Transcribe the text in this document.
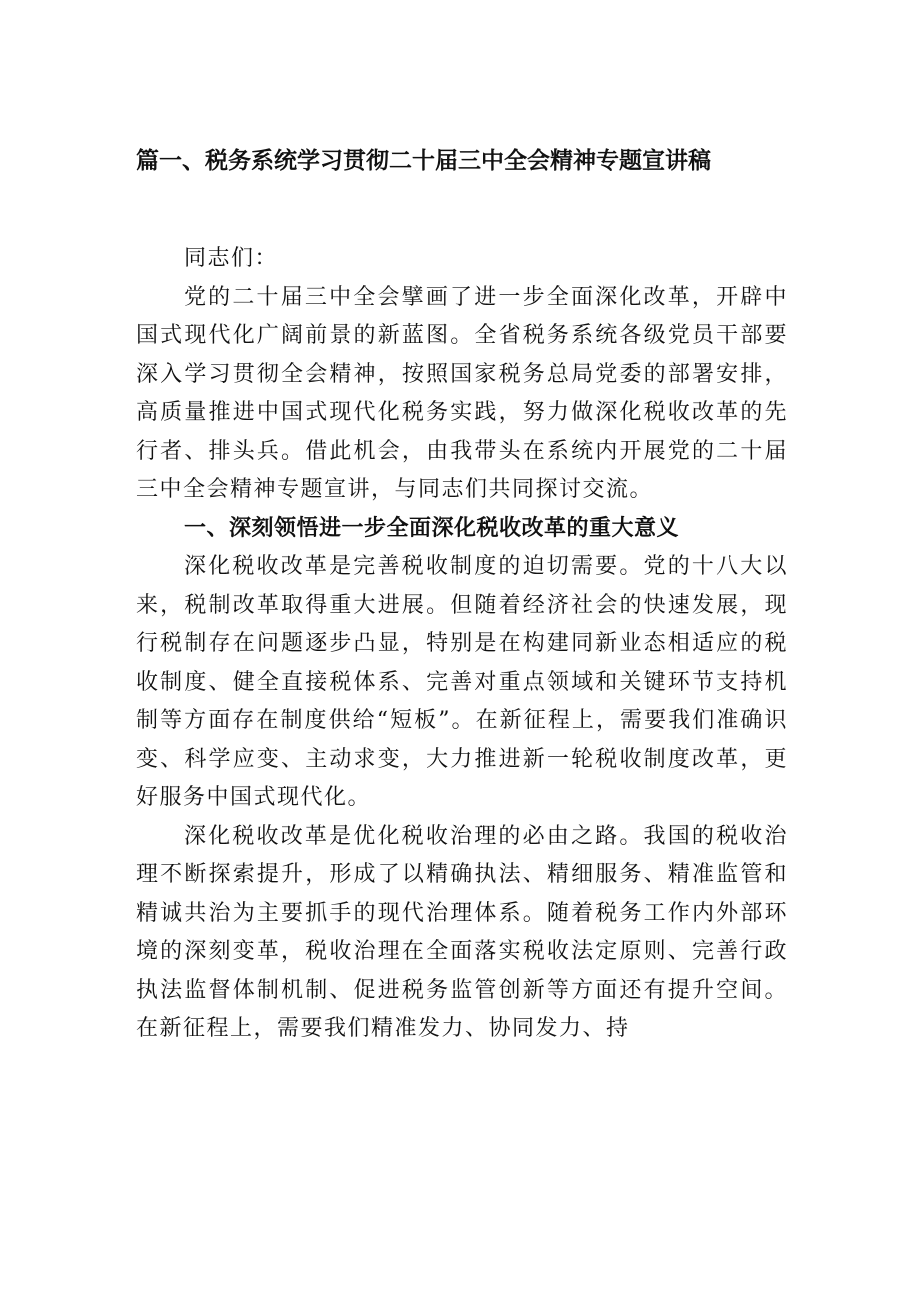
篇一、税务系统学习贯彻二十届三中全会精神专题宣讲稿

同志们：

党的二十届三中全会擘画了进一步全面深化改革，开辟中国式现代化广阔前景的新蓝图。全省税务系统各级党员干部要深入学习贯彻全会精神，按照国家税务总局党委的部署安排，高质量推进中国式现代化税务实践，努力做深化税收改革的先行者、排头兵。借此机会，由我带头在系统内开展党的二十届三中全会精神专题宣讲，与同志们共同探讨交流。

一、深刻领悟进一步全面深化税收改革的重大意义

深化税收改革是完善税收制度的迫切需要。党的十八大以来，税制改革取得重大进展。但随着经济社会的快速发展，现行税制存在问题逐步凸显，特别是在构建同新业态相适应的税收制度、健全直接税体系、完善对重点领域和关键环节支持机制等方面存在制度供给“短板”。在新征程上，需要我们准确识变、科学应变、主动求变，大力推进新一轮税收制度改革，更好服务中国式现代化。

深化税收改革是优化税收治理的必由之路。我国的税收治理不断探索提升，形成了以精确执法、精细服务、精准监管和精诚共治为主要抓手的现代治理体系。随着税务工作内外部环境的深刻变革，税收治理在全面落实税收法定原则、完善行政执法监督体制机制、促进税务监管创新等方面还有提升空间。在新征程上，需要我们精准发力、协同发力、持
